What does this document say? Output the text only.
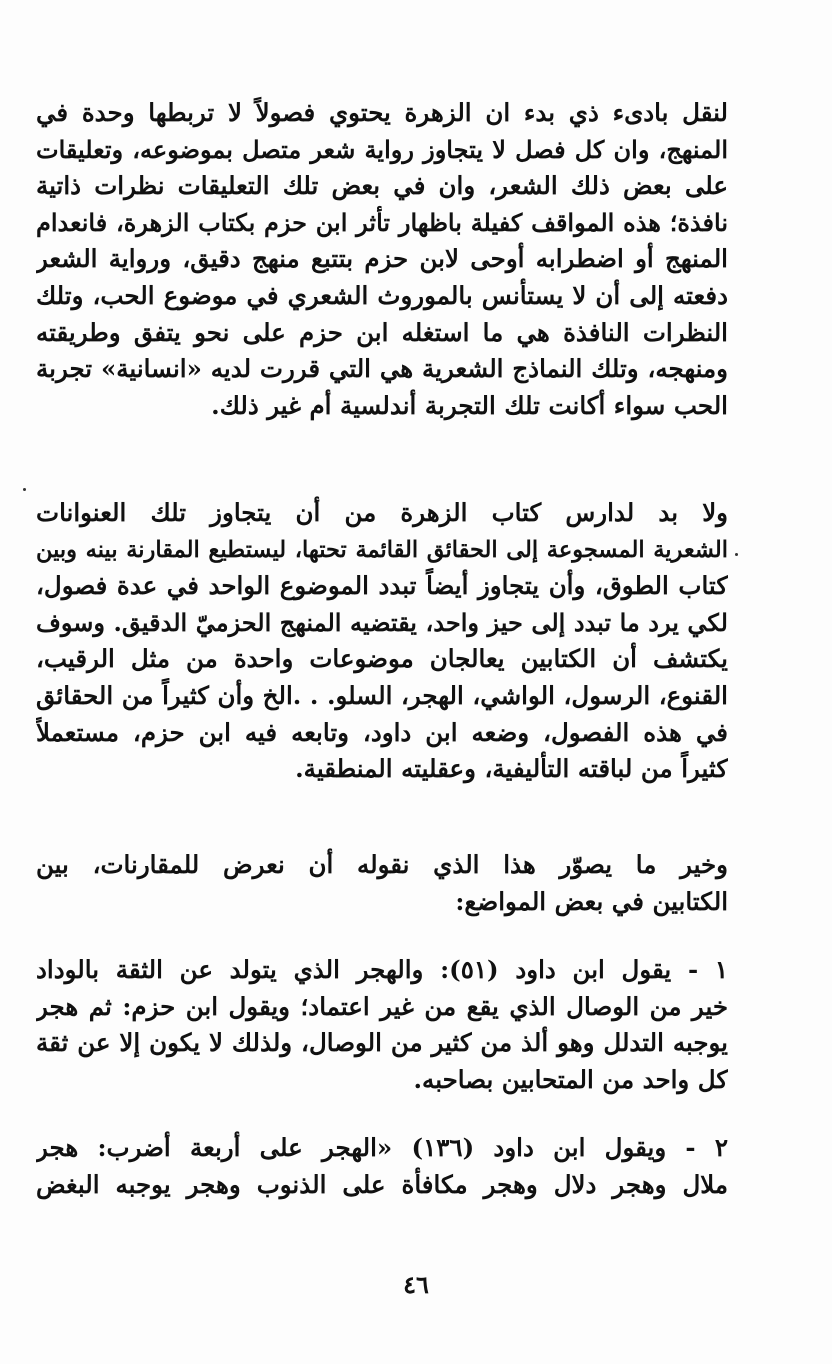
لنقل بادىء ذي بدء ان الزهرة يحتوي فصولاً لا تربطها وحدة في
المنهج، وان كل فصل لا يتجاوز رواية شعر متصل بموضوعه، وتعليقات
على بعض ذلك الشعر، وان في بعض تلك التعليقات نظرات ذاتية
نافذة؛ هذه المواقف كفيلة باظهار تأثر ابن حزم بكتاب الزهرة، فانعدام
المنهج أو اضطرابه أوحى لابن حزم بتتبع منهج دقيق، ورواية الشعر
دفعته إلى أن لا يستأنس بالموروث الشعري في موضوع الحب، وتلك
النظرات النافذة هي ما استغله ابن حزم على نحو يتفق وطريقته
ومنهجه، وتلك النماذج الشعرية هي التي قررت لديه «انسانية» تجربة
الحب سواء أكانت تلك التجربة أندلسية أم غير ذلك.
ولا بد لدارس كتاب الزهرة من أن يتجاوز تلك العنوانات
الشعرية المسجوعة إلى الحقائق القائمة تحتها، ليستطيع المقارنة بينه وبين
كتاب الطوق، وأن يتجاوز أيضاً تبدد الموضوع الواحد في عدة فصول،
لكي يرد ما تبدد إلى حيز واحد، يقتضيه المنهج الحزميّ الدقيق. وسوف
يكتشف أن الكتابين يعالجان موضوعات واحدة من مثل الرقيب،
القنوع، الرسول، الواشي، الهجر، السلو. . .الخ وأن كثيراً من الحقائق
في هذه الفصول، وضعه ابن داود، وتابعه فيه ابن حزم، مستعملاً
كثيراً من لباقته التأليفية، وعقليته المنطقية.
وخير ما يصوّر هذا الذي نقوله أن نعرض للمقارنات، بين
الكتابين في بعض المواضع:
١ - يقول ابن داود (٥١): والهجر الذي يتولد عن الثقة بالوداد
خير من الوصال الذي يقع من غير اعتماد؛ ويقول ابن حزم: ثم هجر
يوجبه التدلل وهو ألذ من كثير من الوصال، ولذلك لا يكون إلا عن ثقة
كل واحد من المتحابين بصاحبه.
٢ - ويقول ابن داود (١٣٦) «الهجر على أربعة أضرب: هجر
ملال وهجر دلال وهجر مكافأة على الذنوب وهجر يوجبه البغض
٤٦
